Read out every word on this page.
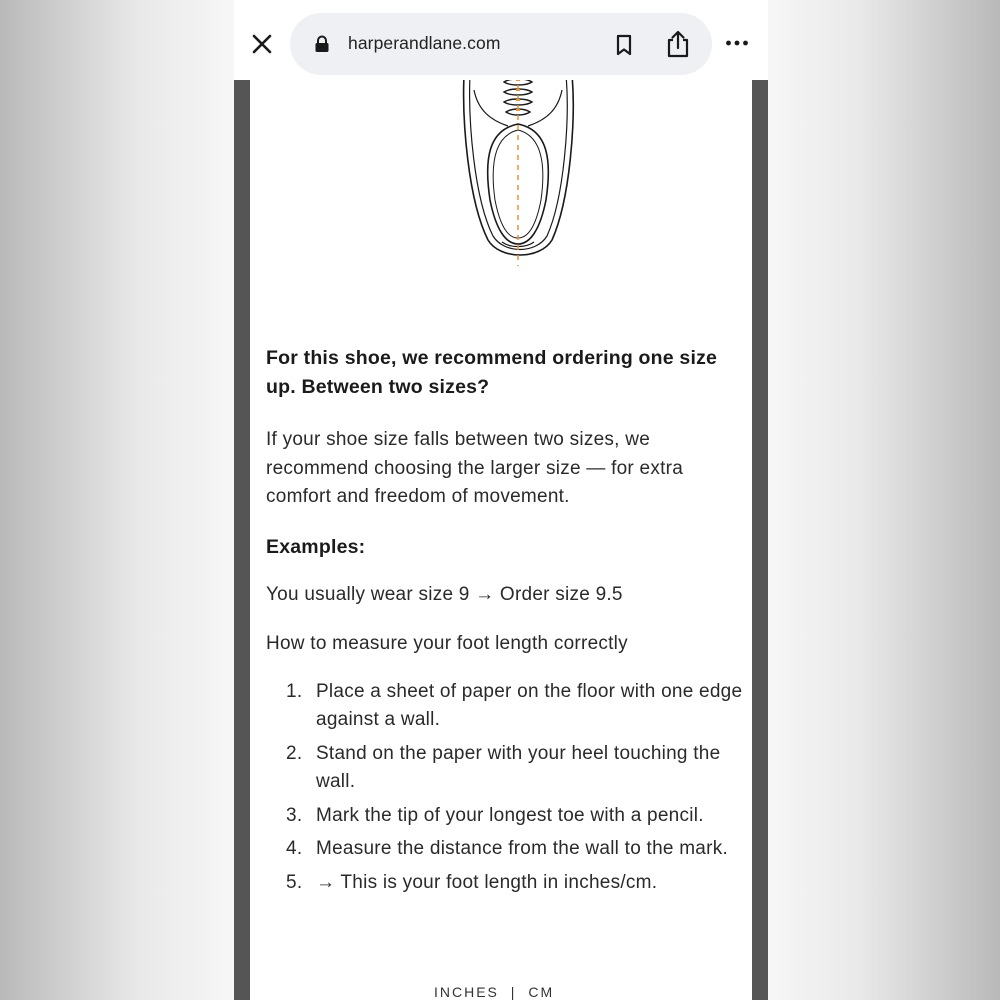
harperandlane.com
For this shoe, we recommend ordering one size up. Between two sizes?

If your shoe size falls between two sizes, we recommend choosing the larger size — for extra comfort and freedom of movement.

Examples:

You usually wear size 9 → Order size 9.5

How to measure your foot length correctly

1. Place a sheet of paper on the floor with one edge against a wall.
2. Stand on the paper with your heel touching the wall.
3. Mark the tip of your longest toe with a pencil.
4. Measure the distance from the wall to the mark.
5. → This is your foot length in inches/cm.
INCHES | CM
